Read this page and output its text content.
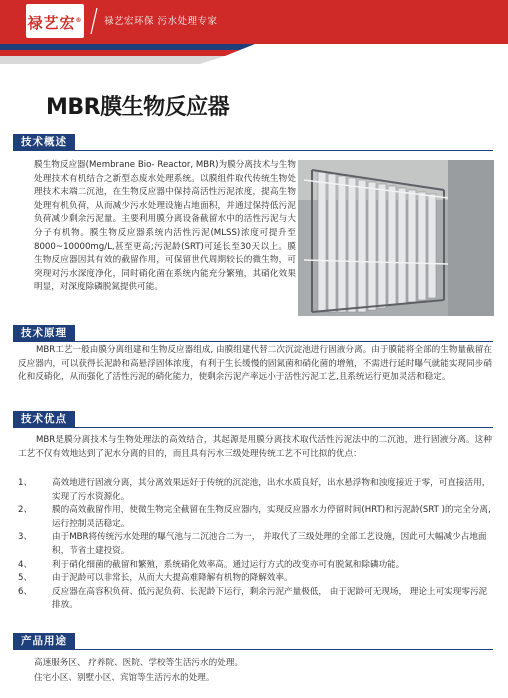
禄艺宏® 禄艺宏环保 污水处理专家
MBR膜生物反应器
技术概述
膜生物反应器(Membrane Bio- Reactor, MBR)为膜分离技术与生物处理技术有机结合之新型态废水处理系统。以膜组件取代传统生物处理技术末端二沉池，在生物反应器中保持高活性污泥浓度，提高生物处理有机负荷，从而减少污水处理设施占地面积，并通过保持低污泥负荷减少剩余污泥量。主要利用膜分离设备截留水中的活性污泥与大分子有机物。膜生物反应器系统内活性污泥(MLSS)浓度可提升至8000~10000mg/L,甚至更高;污泥龄(SRT)可延长至30天以上。膜生物反应器因其有效的截留作用，可保留世代周期较长的微生物，可突现对污水深度净化，同时硝化菌在系统内能充分繁殖，其硝化效果明显，对深度除磷脱氮提供可能。
技术原理
MBR工艺一般由膜分离组建和生物反应器组成, 由膜组建代替二次沉淀池进行固液分离。由于膜能将全部的生物量截留在反应器内，可以获得长泥龄和高悬浮固体浓度，有利于生长缓慢的固氮菌和硝化菌的增殖，不需进行延时曝气就能实现同步硝化和反硝化，从而强化了活性污泥的硝化能力，使剩余污泥产率远小于活性污泥工艺,且系统运行更加灵活和稳定。
技术优点
MBR是膜分离技术与生物处理法的高效结合，其起源是用膜分离技术取代活性污泥法中的二沉池，进行固液分离。这种工艺不仅有效地达到了泥水分离的目的，而且具有污水三级处理传统工艺不可比拟的优点：
1、	高效地进行固液分离，其分离效果远好于传统的沉淀池，出水水质良好，出水悬浮物和浊度接近于零，可直接活用，实现了污水资源化。
2、	膜的高效截留作用，使微生物完全截留在生物反应器内，实现反应器水力停留时间(HRT)和污泥龄(SRT )的完全分离,运行控制灵活稳定。
3、	由于MBR将传统污水处理的曝气池与二沉池合二为一， 并取代了三级处理的全部工艺设施，因此可大幅减少占地面积，节省土建投资。
4、	利于硝化细菌的截留和繁殖，系统硝化效率高。通过运行方式的改变亦可有脱氮和除磷功能。
5、	由于泥龄可以非常长，从而大大提高难降解有机物的降解效率。
6、	反应器在高容积负荷、低污泥负荷、长泥龄下运行，剩余污泥产量极低， 由于泥龄可无现场， 理论上可实现零污泥排放。
产品用途
高速服务区、 疗养院、医院、学校等生活污水的处理。
住宅小区、别墅小区、宾馆等生活污水的处理。
